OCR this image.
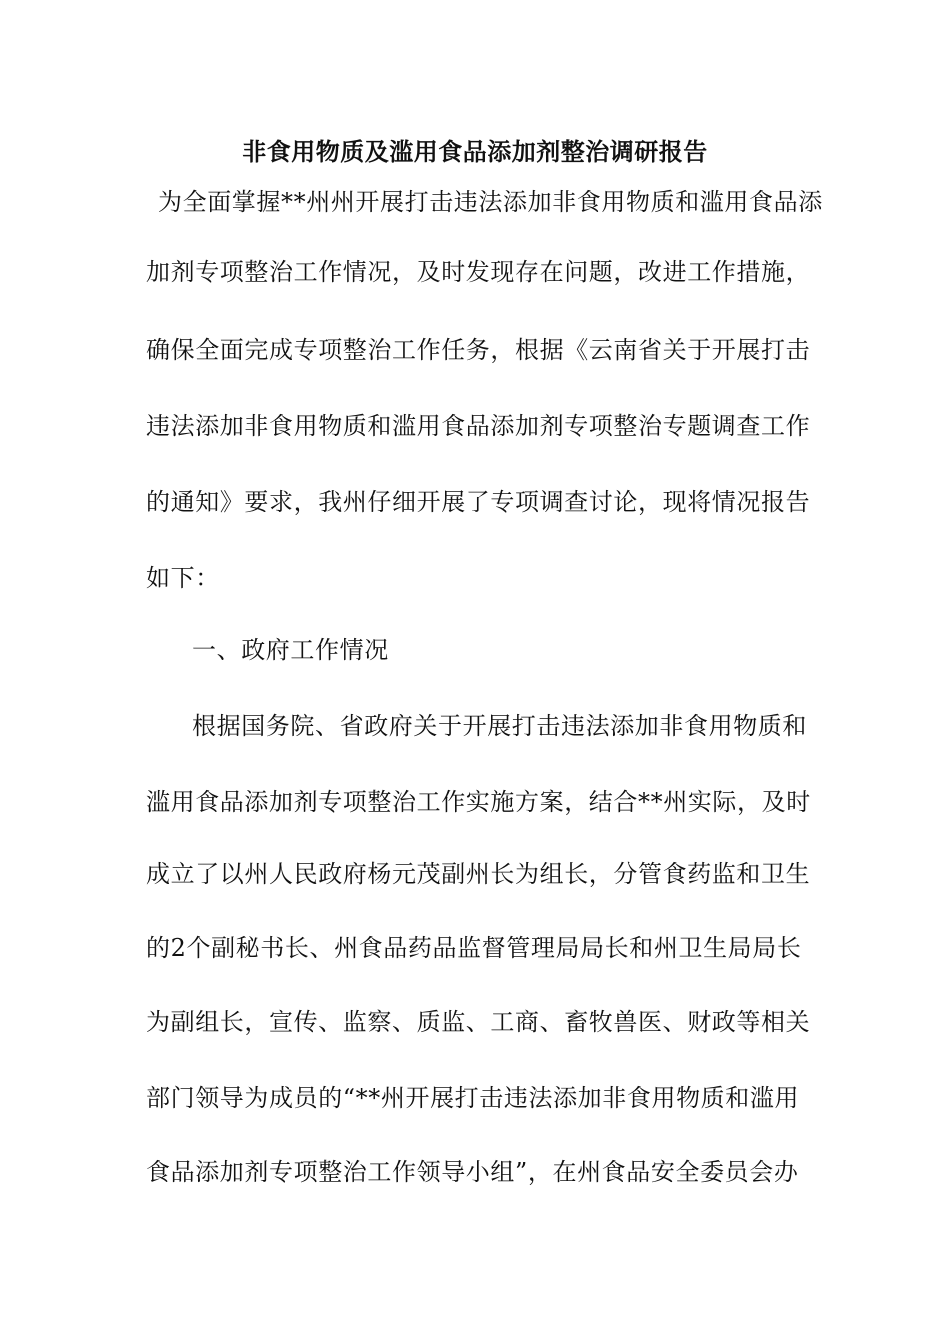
非食用物质及滥用食品添加剂整治调研报告
为全面掌握**州州开展打击违法添加非食用物质和滥用食品添
加剂专项整治工作情况，及时发现存在问题，改进工作措施，
确保全面完成专项整治工作任务，根据《云南省关于开展打击
违法添加非食用物质和滥用食品添加剂专项整治专题调查工作
的通知》要求，我州仔细开展了专项调查讨论，现将情况报告
如下：
一、政府工作情况
根据国务院、省政府关于开展打击违法添加非食用物质和
滥用食品添加剂专项整治工作实施方案，结合**州实际，及时
成立了以州人民政府杨元茂副州长为组长，分管食药监和卫生
的2个副秘书长、州食品药品监督管理局局长和州卫生局局长
为副组长，宣传、监察、质监、工商、畜牧兽医、财政等相关
部门领导为成员的“**州开展打击违法添加非食用物质和滥用
食品添加剂专项整治工作领导小组”，在州食品安全委员会办
